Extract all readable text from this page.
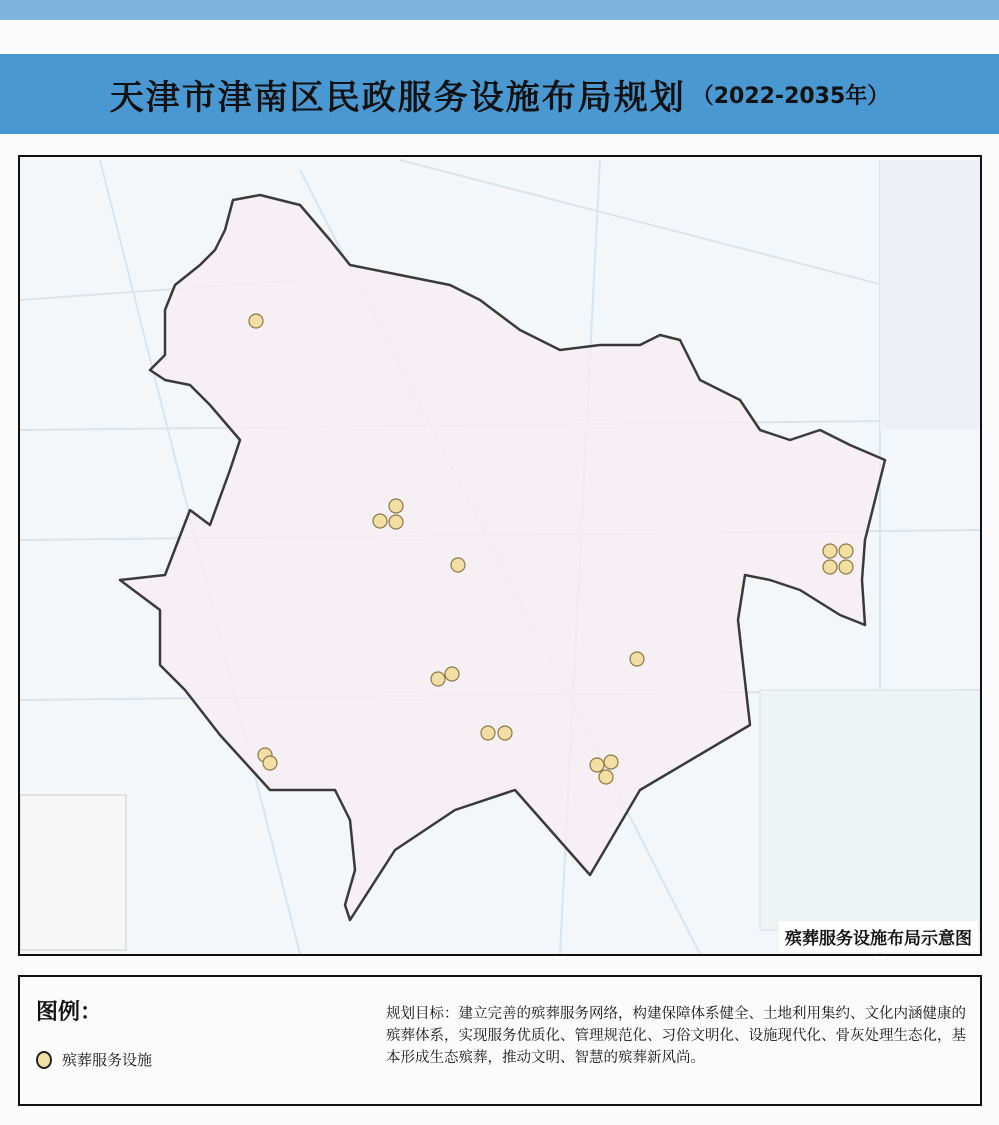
天津市津南区民政服务设施布局规划 （2022-2035年）
殡葬服务设施布局示意图
图例：
殡葬服务设施
规划目标：建立完善的殡葬服务网络，构建保障体系健全、土地利用集约、文化内涵健康的殡葬体系，实现服务优质化、管理规范化、习俗文明化、设施现代化、骨灰处理生态化，基本形成生态殡葬，推动文明、智慧的殡葬新风尚。
